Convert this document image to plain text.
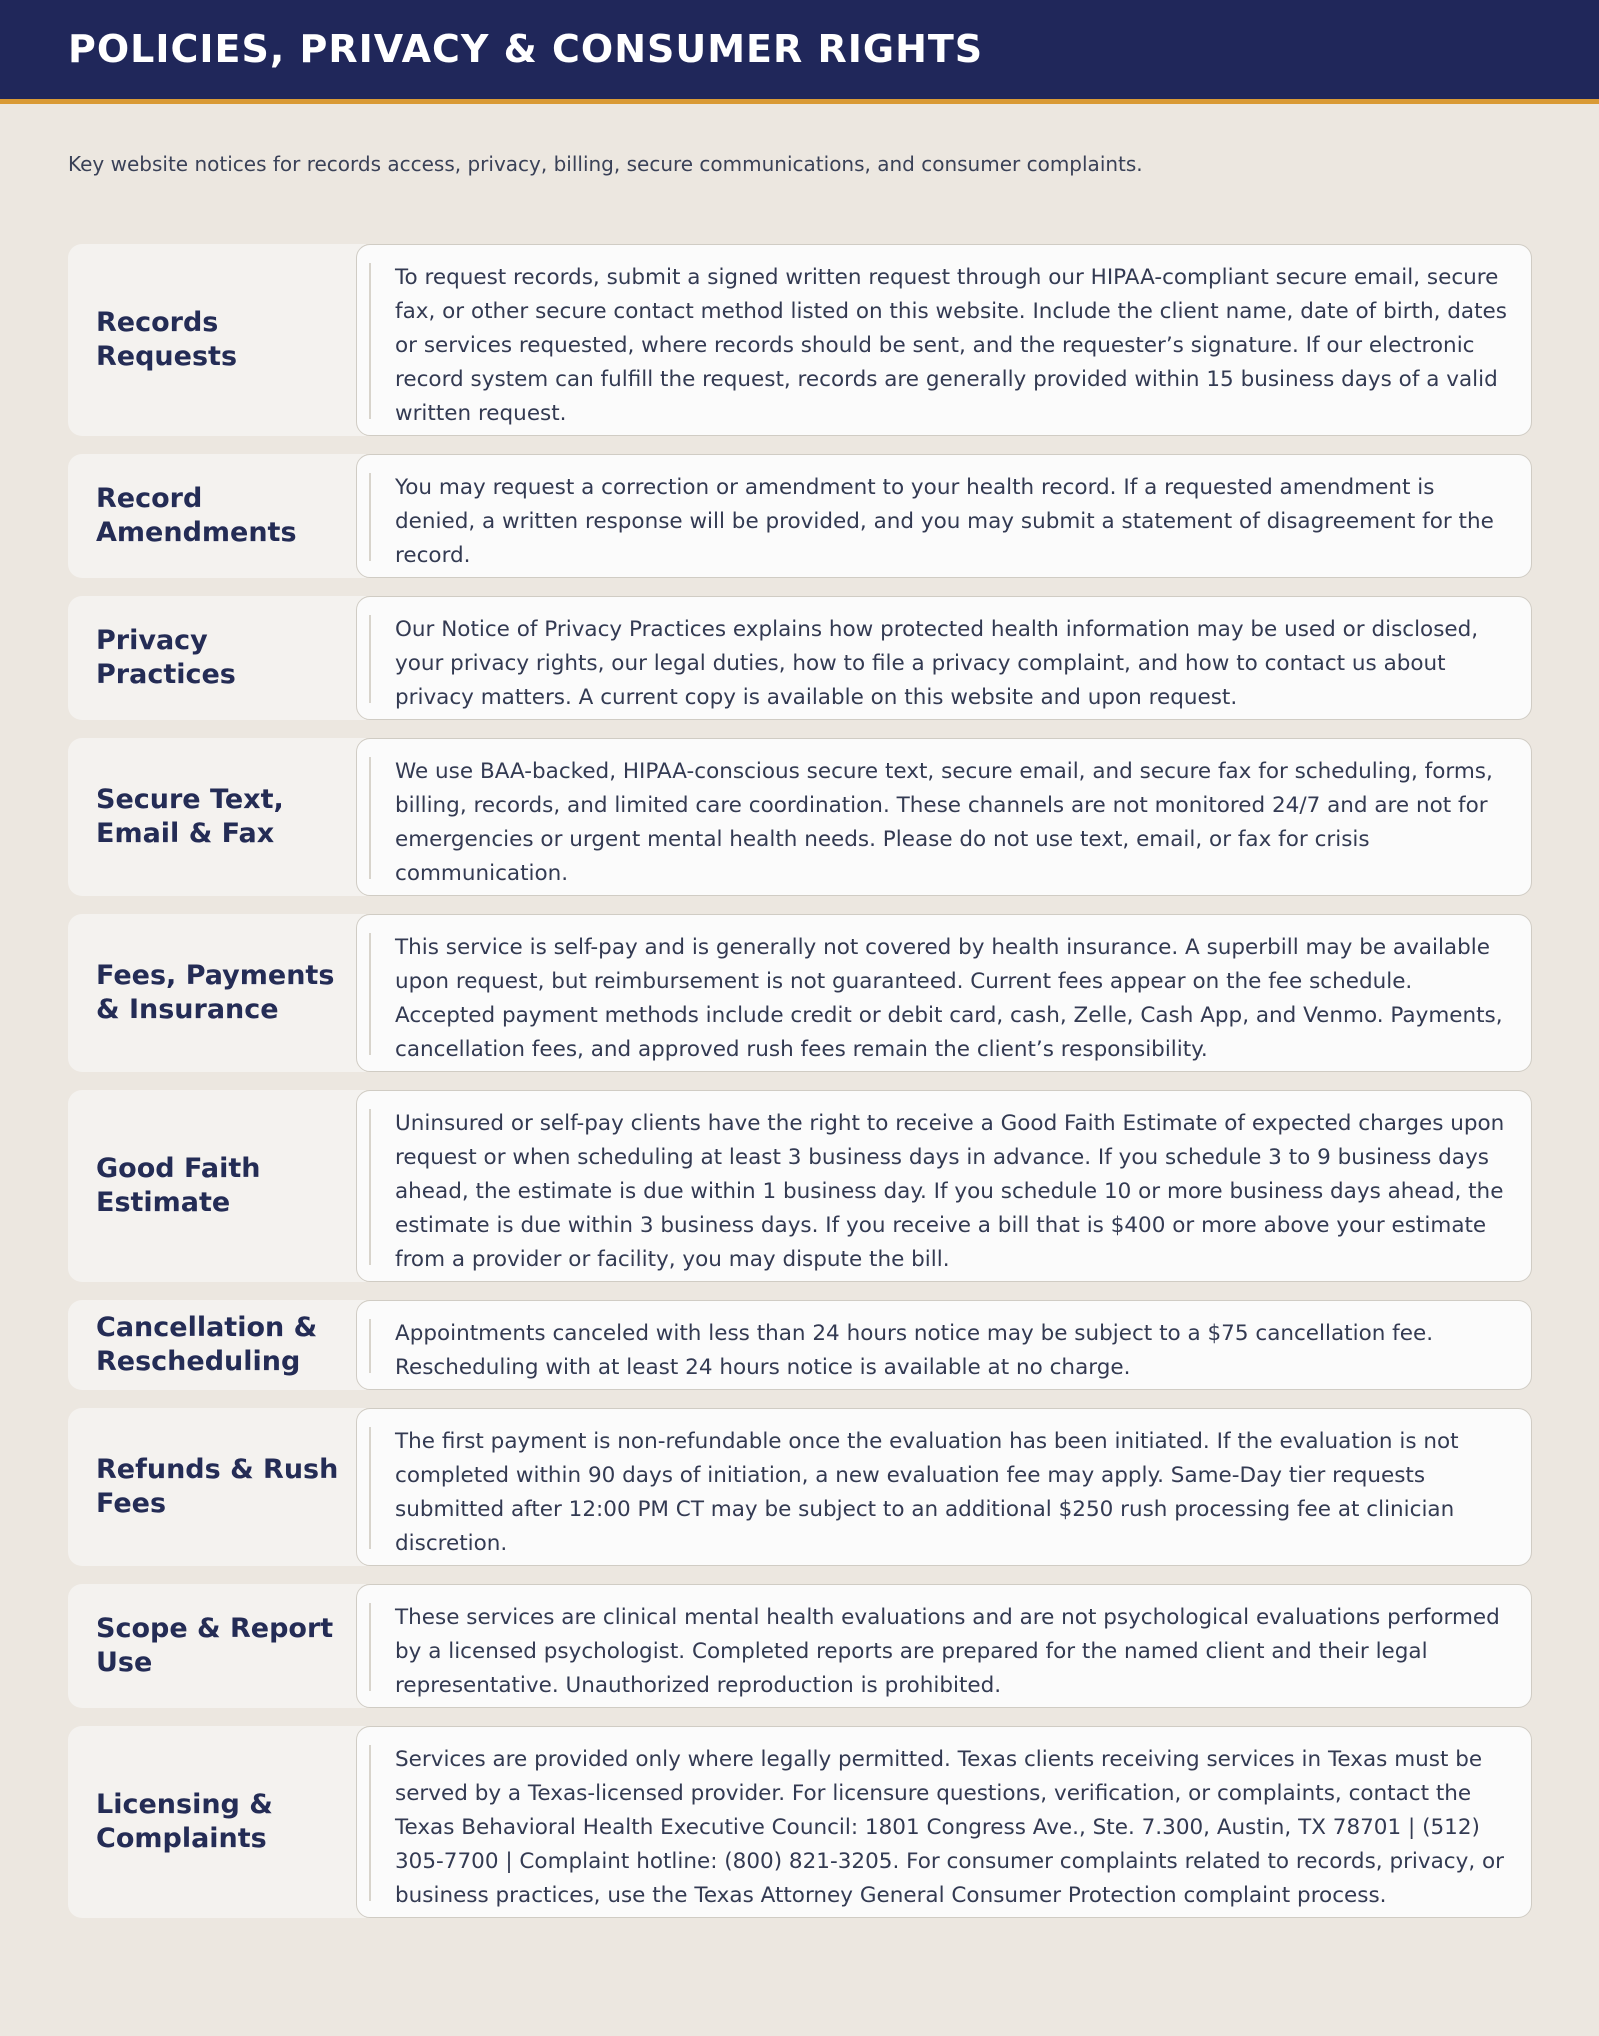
POLICIES, PRIVACY & CONSUMER RIGHTS

Key website notices for records access, privacy, billing, secure communications, and consumer complaints.

Records Requests

To request records, submit a signed written request through our HIPAA-compliant secure email, secure fax, or other secure contact method listed on this website. Include the client name, date of birth, dates or services requested, where records should be sent, and the requester’s signature. If our electronic record system can fulfill the request, records are generally provided within 15 business days of a valid written request.

Record Amendments

You may request a correction or amendment to your health record. If a requested amendment is denied, a written response will be provided, and you may submit a statement of disagreement for the record.

Privacy Practices

Our Notice of Privacy Practices explains how protected health information may be used or disclosed, your privacy rights, our legal duties, how to file a privacy complaint, and how to contact us about privacy matters. A current copy is available on this website and upon request.

Secure Text, Email & Fax

We use BAA-backed, HIPAA-conscious secure text, secure email, and secure fax for scheduling, forms, billing, records, and limited care coordination. These channels are not monitored 24/7 and are not for emergencies or urgent mental health needs. Please do not use text, email, or fax for crisis communication.

Fees, Payments & Insurance

This service is self-pay and is generally not covered by health insurance. A superbill may be available upon request, but reimbursement is not guaranteed. Current fees appear on the fee schedule. Accepted payment methods include credit or debit card, cash, Zelle, Cash App, and Venmo. Payments, cancellation fees, and approved rush fees remain the client’s responsibility.

Good Faith Estimate

Uninsured or self-pay clients have the right to receive a Good Faith Estimate of expected charges upon request or when scheduling at least 3 business days in advance. If you schedule 3 to 9 business days ahead, the estimate is due within 1 business day. If you schedule 10 or more business days ahead, the estimate is due within 3 business days. If you receive a bill that is $400 or more above your estimate from a provider or facility, you may dispute the bill.

Cancellation & Rescheduling

Appointments canceled with less than 24 hours notice may be subject to a $75 cancellation fee. Rescheduling with at least 24 hours notice is available at no charge.

Refunds & Rush Fees

The first payment is non-refundable once the evaluation has been initiated. If the evaluation is not completed within 90 days of initiation, a new evaluation fee may apply. Same-Day tier requests submitted after 12:00 PM CT may be subject to an additional $250 rush processing fee at clinician discretion.

Scope & Report Use

These services are clinical mental health evaluations and are not psychological evaluations performed by a licensed psychologist. Completed reports are prepared for the named client and their legal representative. Unauthorized reproduction is prohibited.

Licensing & Complaints

Services are provided only where legally permitted. Texas clients receiving services in Texas must be served by a Texas-licensed provider. For licensure questions, verification, or complaints, contact the Texas Behavioral Health Executive Council: 1801 Congress Ave., Ste. 7.300, Austin, TX 78701 | (512) 305-7700 | Complaint hotline: (800) 821-3205. For consumer complaints related to records, privacy, or business practices, use the Texas Attorney General Consumer Protection complaint process.
